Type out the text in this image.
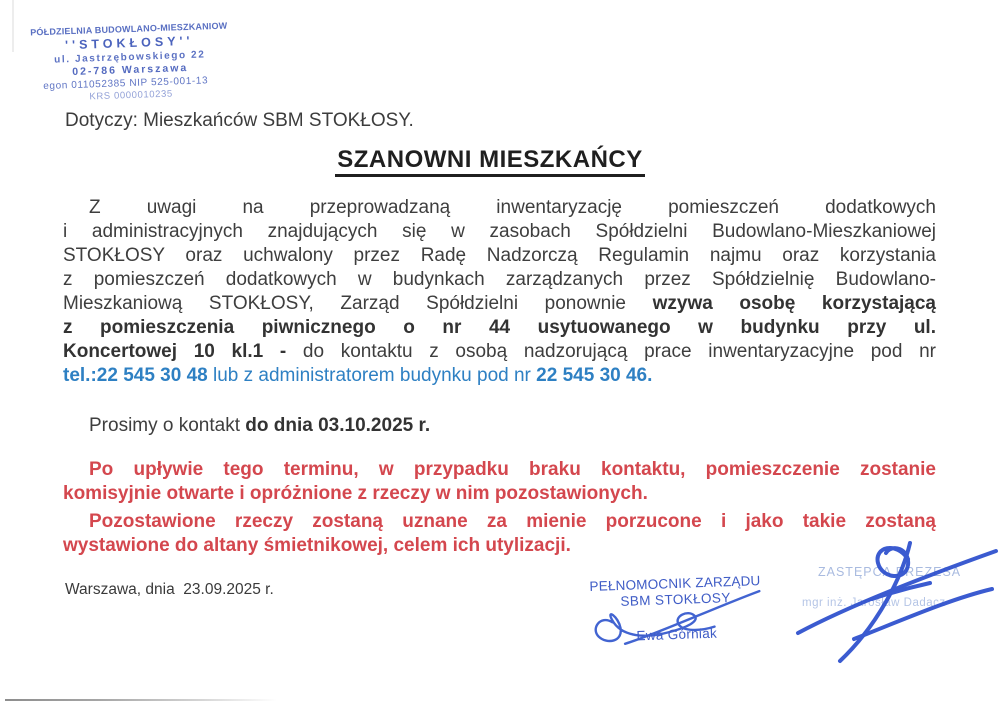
PÓŁDZIELNIA BUDOWLANO-MIESZKANIOW
''STOKŁOSY''
ul. Jastrzębowskiego 22
02-786 Warszawa
egon 011052385 NIP 525-001-13
KRS 0000010235
Dotyczy: Mieszkańców SBM STOKŁOSY.
SZANOWNI MIESZKAŃCY
Z uwagi na przeprowadzaną inwentaryzację pomieszczeń dodatkowych
i administracyjnych znajdujących się w zasobach Spółdzielni Budowlano-Mieszkaniowej
STOKŁOSY oraz uchwalony przez Radę Nadzorczą Regulamin najmu oraz korzystania
z pomieszczeń dodatkowych w budynkach zarządzanych przez Spółdzielnię Budowlano-
Mieszkaniową STOKŁOSY, Zarząd Spółdzielni ponownie wzywa osobę korzystającą
z pomieszczenia piwnicznego o nr 44 usytuowanego w budynku przy ul.
Koncertowej 10 kl.1 - do kontaktu z osobą nadzorującą prace inwentaryzacyjne pod nr
tel.:22 545 30 48 lub z administratorem budynku pod nr 22 545 30 46.
Prosimy o kontakt do dnia 03.10.2025 r.
Po upływie tego terminu, w przypadku braku kontaktu, pomieszczenie zostanie
komisyjnie otwarte i opróżnione z rzeczy w nim pozostawionych.
Pozostawione rzeczy zostaną uznane za mienie porzucone i jako takie zostaną
wystawione do altany śmietnikowej, celem ich utylizacji.
Warszawa, dnia  23.09.2025 r.	PEŁNOMOCNIK ZARZĄDU
SBM STOKŁOSY
Ewa Górniak
ZASTĘPCA PREZESA
mgr inż. Jarosław Dadacz
